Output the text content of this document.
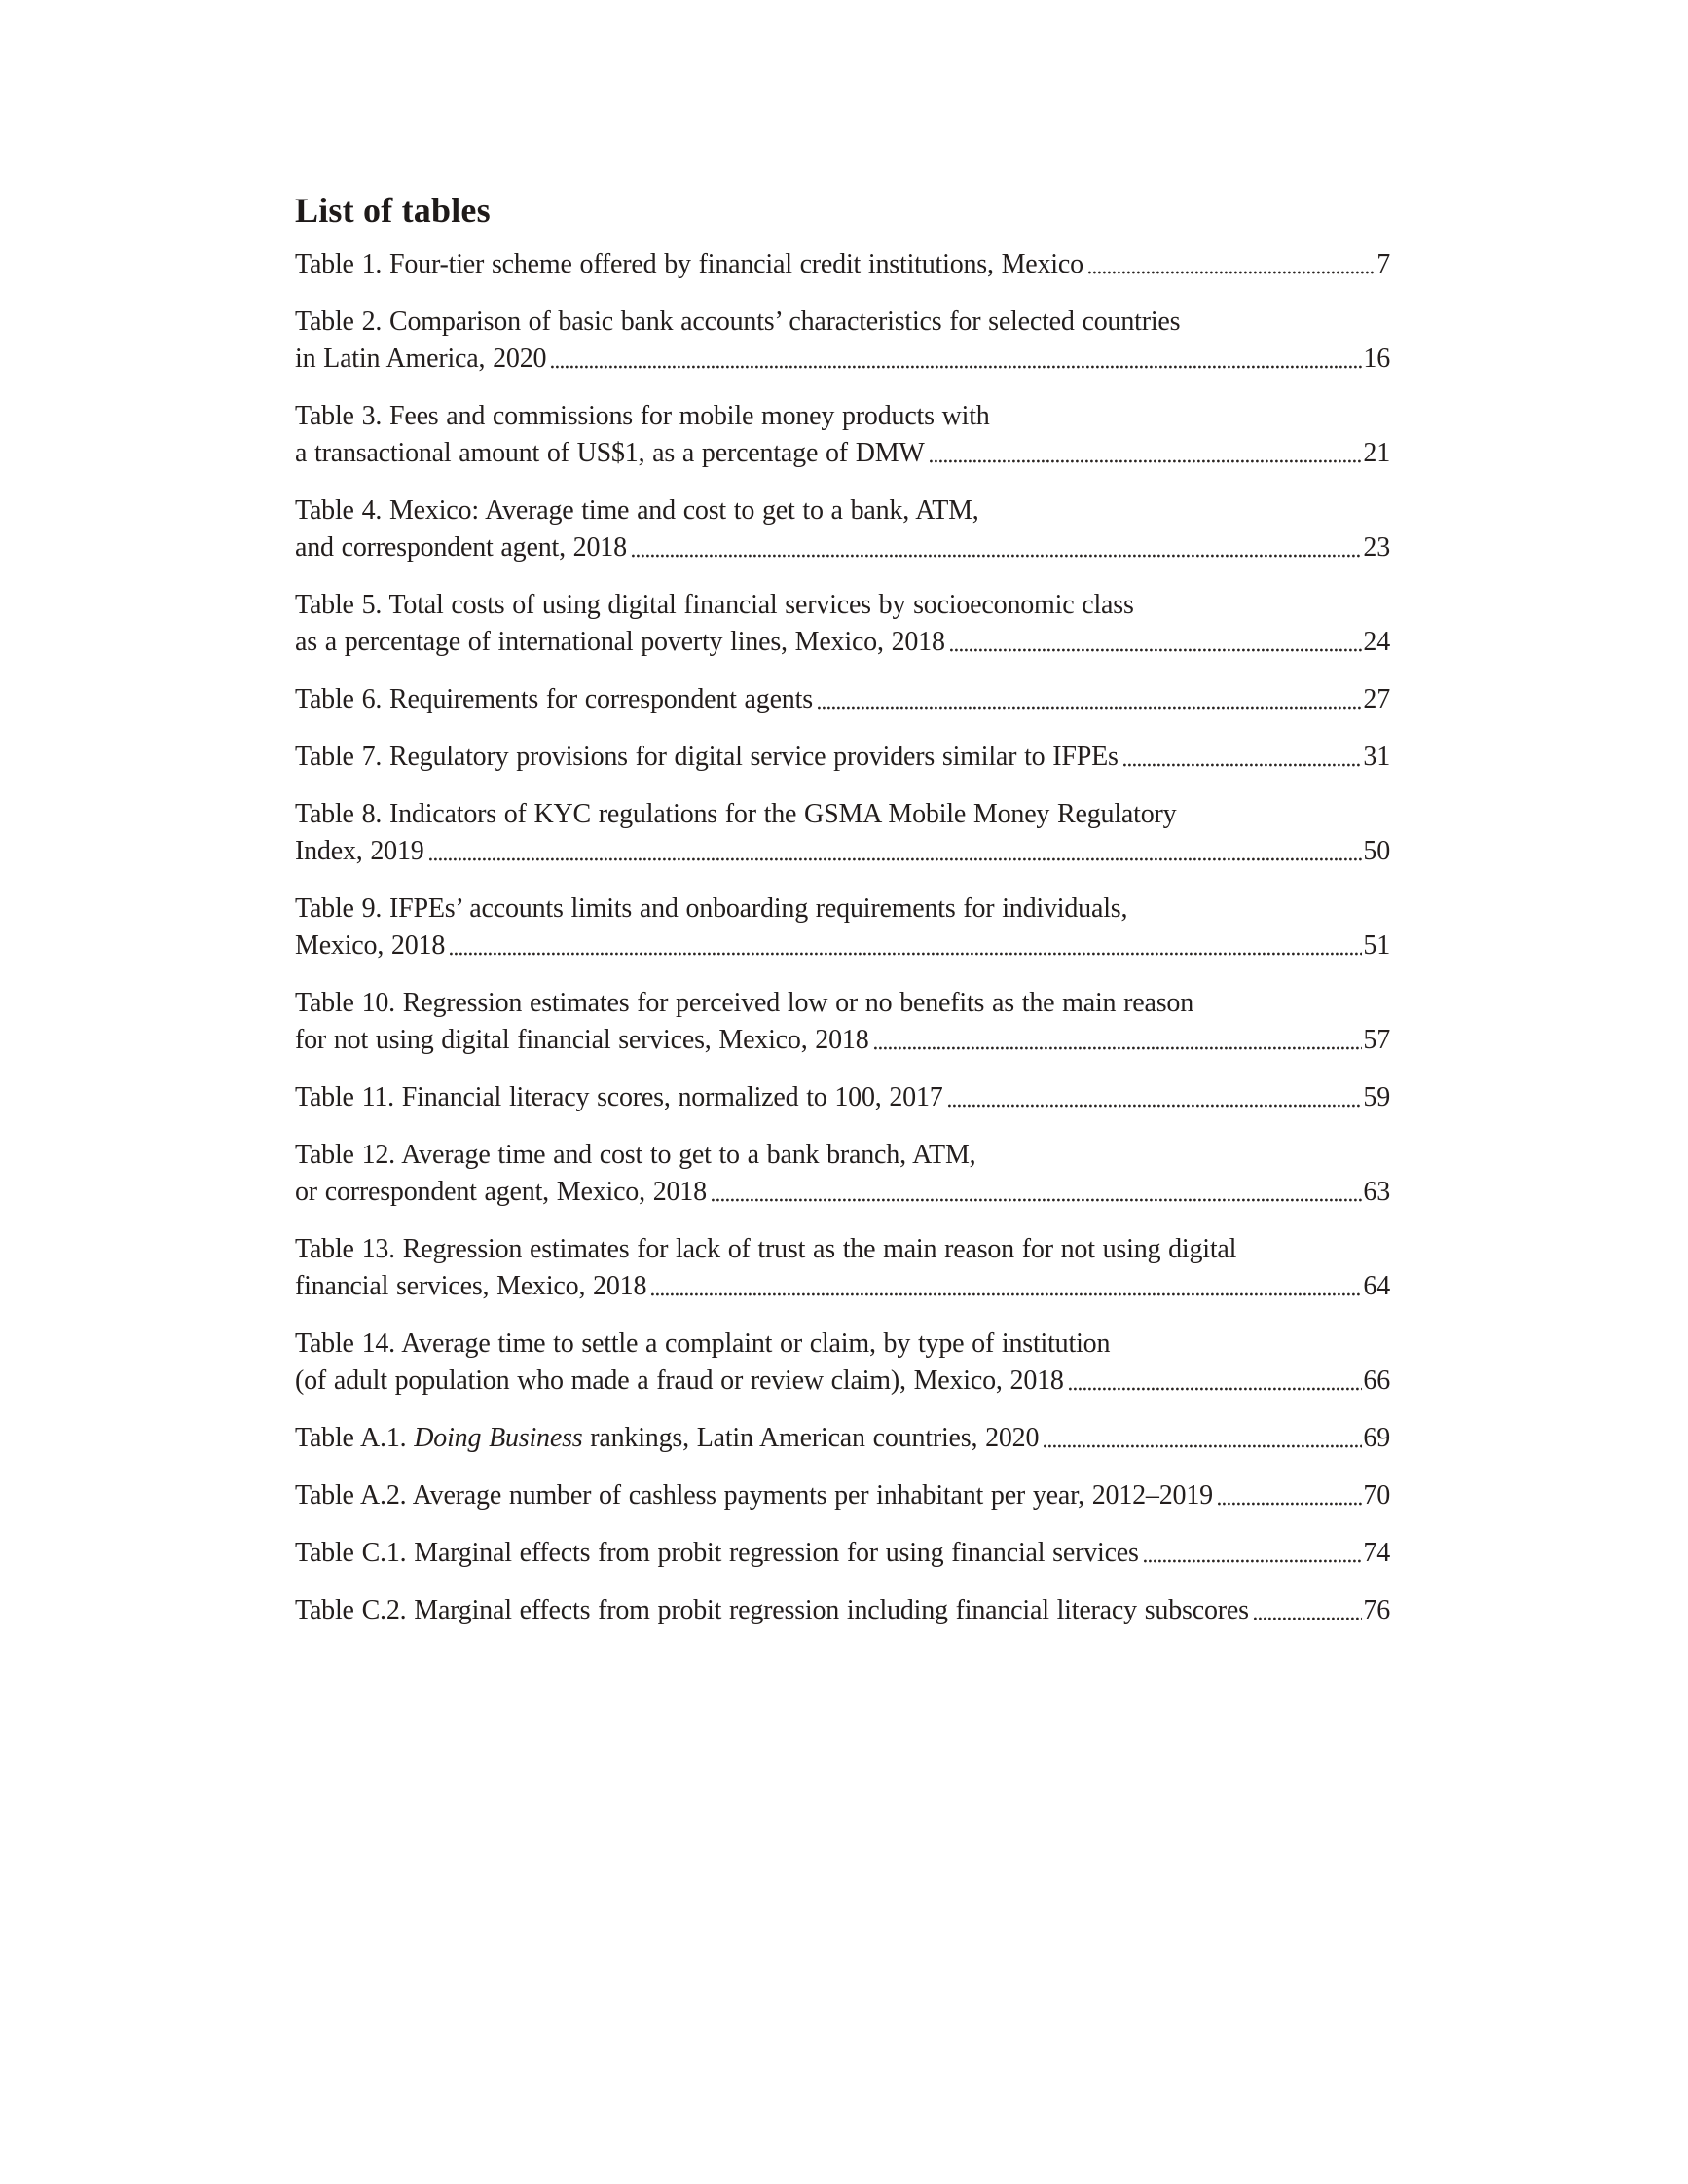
List of tables
Table 1. Four-tier scheme offered by financial credit institutions, Mexico	7
Table 2. Comparison of basic bank accounts’ characteristics for selected countries
in Latin America, 2020	16
Table 3. Fees and commissions for mobile money products with
a transactional amount of US$1, as a percentage of DMW	21
Table 4. Mexico: Average time and cost to get to a bank, ATM,
and correspondent agent, 2018	23
Table 5. Total costs of using digital financial services by socioeconomic class
as a percentage of international poverty lines, Mexico, 2018	24
Table 6. Requirements for correspondent agents	27
Table 7. Regulatory provisions for digital service providers similar to IFPEs	31
Table 8. Indicators of KYC regulations for the GSMA Mobile Money Regulatory
Index, 2019	50
Table 9. IFPEs’ accounts limits and onboarding requirements for individuals,
Mexico, 2018	51
Table 10. Regression estimates for perceived low or no benefits as the main reason
for not using digital financial services, Mexico, 2018	57
Table 11. Financial literacy scores, normalized to 100, 2017	59
Table 12. Average time and cost to get to a bank branch, ATM,
or correspondent agent, Mexico, 2018	63
Table 13. Regression estimates for lack of trust as the main reason for not using digital
financial services, Mexico, 2018	64
Table 14. Average time to settle a complaint or claim, by type of institution
(of adult population who made a fraud or review claim), Mexico, 2018	66
Table A.1. Doing Business rankings, Latin American countries, 2020	69
Table A.2. Average number of cashless payments per inhabitant per year, 2012–2019	70
Table C.1. Marginal effects from probit regression for using financial services	74
Table C.2. Marginal effects from probit regression including financial literacy subscores	76
